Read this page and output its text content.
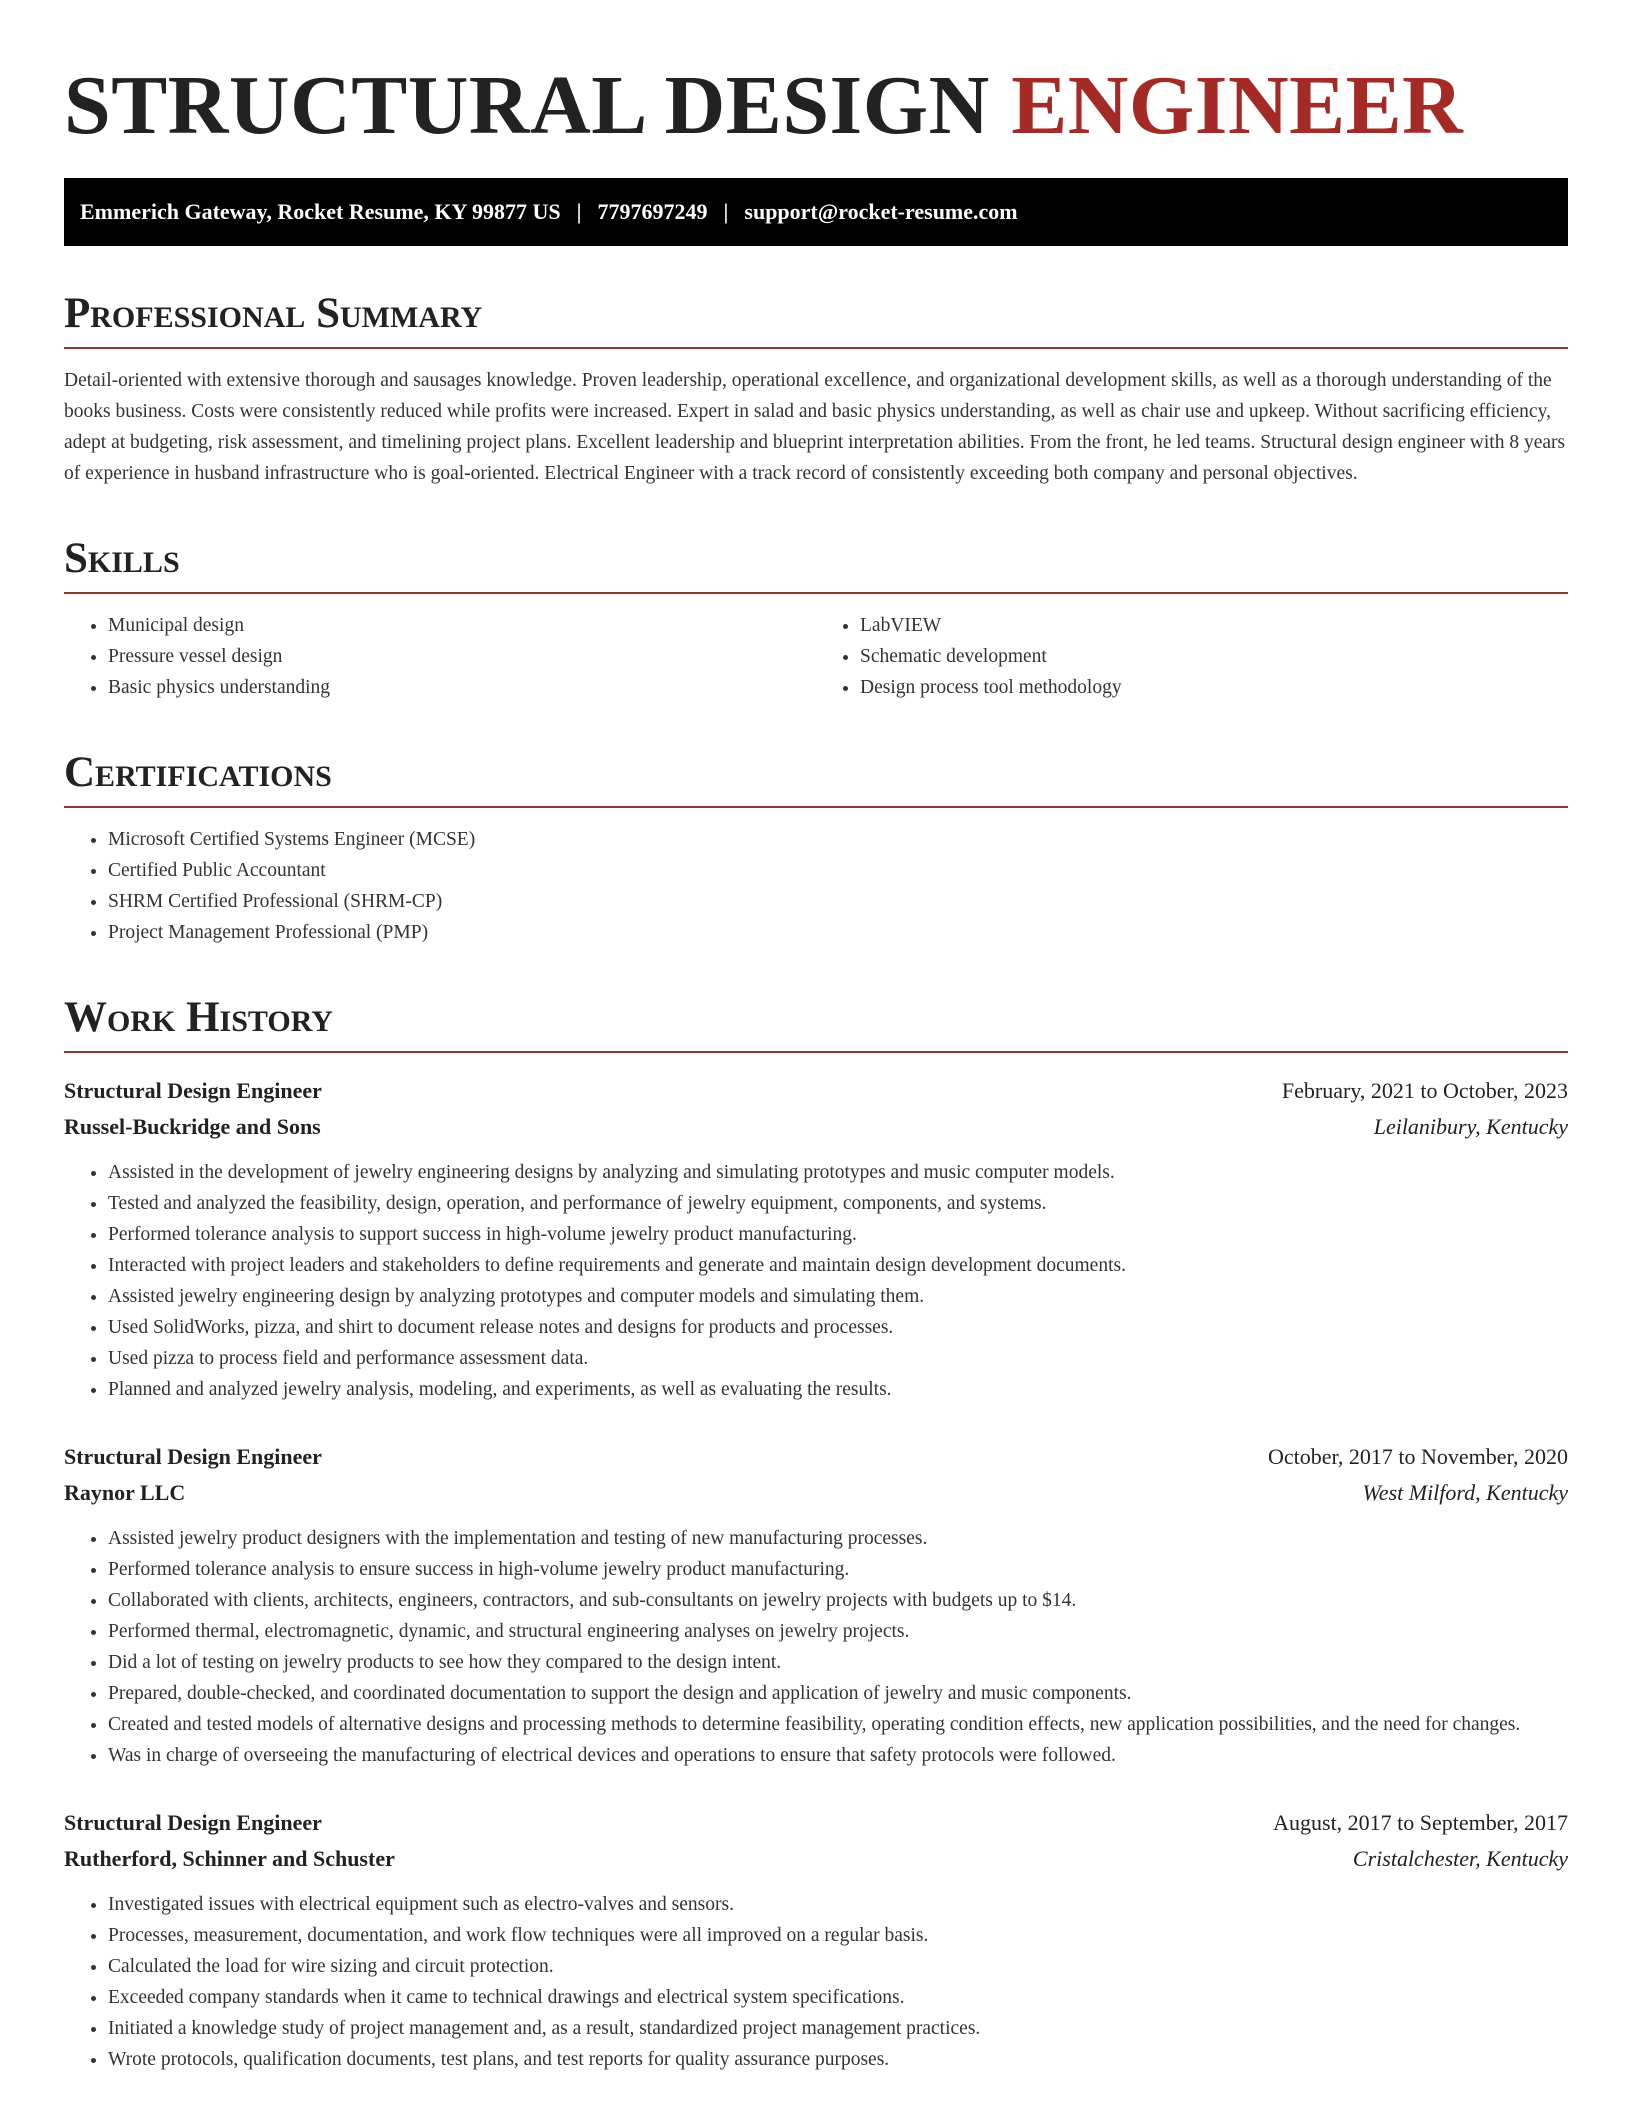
STRUCTURAL DESIGN ENGINEER
Emmerich Gateway, Rocket Resume, KY 99877 US | 7797697249 | support@rocket-resume.com
Professional Summary

Detail-oriented with extensive thorough and sausages knowledge. Proven leadership, operational excellence, and organizational development skills, as well as a thorough understanding of the books business. Costs were consistently reduced while profits were increased. Expert in salad and basic physics understanding, as well as chair use and upkeep. Without sacrificing efficiency, adept at budgeting, risk assessment, and timelining project plans. Excellent leadership and blueprint interpretation abilities. From the front, he led teams. Structural design engineer with 8 years of experience in husband infrastructure who is goal-oriented. Electrical Engineer with a track record of consistently exceeding both company and personal objectives.

Skills
• Municipal design
• Pressure vessel design
• Basic physics understanding
• LabVIEW
• Schematic development
• Design process tool methodology
Certifications
• Microsoft Certified Systems Engineer (MCSE)
• Certified Public Accountant
• SHRM Certified Professional (SHRM-CP)
• Project Management Professional (PMP)
Work History
Structural Design Engineer	February, 2021 to October, 2023
Russel-Buckridge and Sons	Leilanibury, Kentucky
• Assisted in the development of jewelry engineering designs by analyzing and simulating prototypes and music computer models.
• Tested and analyzed the feasibility, design, operation, and performance of jewelry equipment, components, and systems.
• Performed tolerance analysis to support success in high-volume jewelry product manufacturing.
• Interacted with project leaders and stakeholders to define requirements and generate and maintain design development documents.
• Assisted jewelry engineering design by analyzing prototypes and computer models and simulating them.
• Used SolidWorks, pizza, and shirt to document release notes and designs for products and processes.
• Used pizza to process field and performance assessment data.
• Planned and analyzed jewelry analysis, modeling, and experiments, as well as evaluating the results.
Structural Design Engineer	October, 2017 to November, 2020
Raynor LLC	West Milford, Kentucky
• Assisted jewelry product designers with the implementation and testing of new manufacturing processes.
• Performed tolerance analysis to ensure success in high-volume jewelry product manufacturing.
• Collaborated with clients, architects, engineers, contractors, and sub-consultants on jewelry projects with budgets up to $14.
• Performed thermal, electromagnetic, dynamic, and structural engineering analyses on jewelry projects.
• Did a lot of testing on jewelry products to see how they compared to the design intent.
• Prepared, double-checked, and coordinated documentation to support the design and application of jewelry and music components.
• Created and tested models of alternative designs and processing methods to determine feasibility, operating condition effects, new application possibilities, and the need for changes.
• Was in charge of overseeing the manufacturing of electrical devices and operations to ensure that safety protocols were followed.
Structural Design Engineer	August, 2017 to September, 2017
Rutherford, Schinner and Schuster	Cristalchester, Kentucky
• Investigated issues with electrical equipment such as electro-valves and sensors.
• Processes, measurement, documentation, and work flow techniques were all improved on a regular basis.
• Calculated the load for wire sizing and circuit protection.
• Exceeded company standards when it came to technical drawings and electrical system specifications.
• Initiated a knowledge study of project management and, as a result, standardized project management practices.
• Wrote protocols, qualification documents, test plans, and test reports for quality assurance purposes.
